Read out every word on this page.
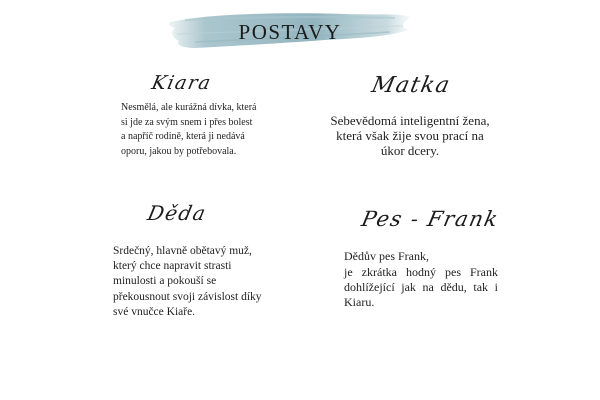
POSTAVY
Kiara

Nesmělá, ale kurážná dívka, která si jde za svým snem i přes bolest a napříč rodině, která ji nedává oporu, jakou by potřebovala.

Matka

Sebevědomá inteligentní žena, která však žije svou prací na úkor dcery.

Děda

Srdečný, hlavně obětavý muž, který chce napravit strasti minulosti a pokouší se překousnout svoji závislost díky své vnučce Kiaře.

Pes - Frank

Dědův pes Frank,

je zkrátka hodný pes Frank dohlížející jak na dědu, tak i Kiaru.
